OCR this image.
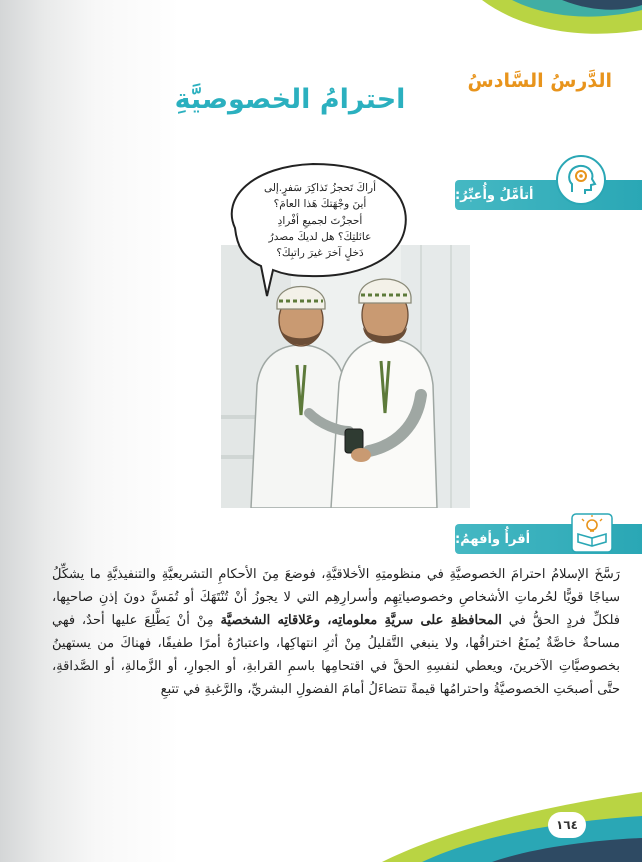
الدَّرسُ السَّادسُ
احترامُ الخصوصيَّةِ
أتأمَّلُ وأُعبِّرُ:
أراكَ تَحجزُ تَذاكِرَ سَفرٍ.إلى
أينَ وجْهَتكَ هَذا العامَ؟
أحجزْتَ لجميعِ أفْرادِ
عائلتِكَ؟ هل لديكَ مصدرُ
دَخلٍ آخرَ غيرَ راتبِكَ؟
أقرأُ وأفهمُ:
رَسَّخَ الإسلامُ احترامَ الخصوصيَّةِ في منظومتِهِ الأخلاقيَّةِ، فوضعَ مِنَ الأحكامِ التشريعيَّةِ والتنفيذيَّةِ ما يشكِّلُ سياجًا قويًّا لحُرماتِ الأشخاصِ وخصوصياتِهِم وأسرارِهِم التي لا يجوزُ أنْ تُنْتَهَكَ أو تُمَسَّ دونَ إذنِ صاحبِها، فلكلِّ فردٍ الحقُّ في المحافظةِ على سريَّةِ معلوماتِه، وعَلاقاتِه الشخصيَّة مِنْ أنْ يَطَّلِعَ عليها أحدٌ، فهي مساحةٌ خاصَّةٌ يُمنَعُ اختراقُها، ولا ينبغي التَّقليلُ مِنْ أثرِ انتهاكِها، واعتبارُهُ أمرًا طفيفًا، فهناكَ من يستهينُ بخصوصيَّاتِ الآخرينَ، ويعطي لنفسِهِ الحقَّ في اقتحامِها باسمِ القرابةِ، أو الجوارِ، أو الزَّمالةِ، أو الصَّداقةِ، حتَّى أصبحَتِ الخصوصيَّةُ واحترامُها قيمةً تتضاءَلُ أمامَ الفضولِ البشريِّ، والرَّغبةِ في تتبعِ
١٦٤
